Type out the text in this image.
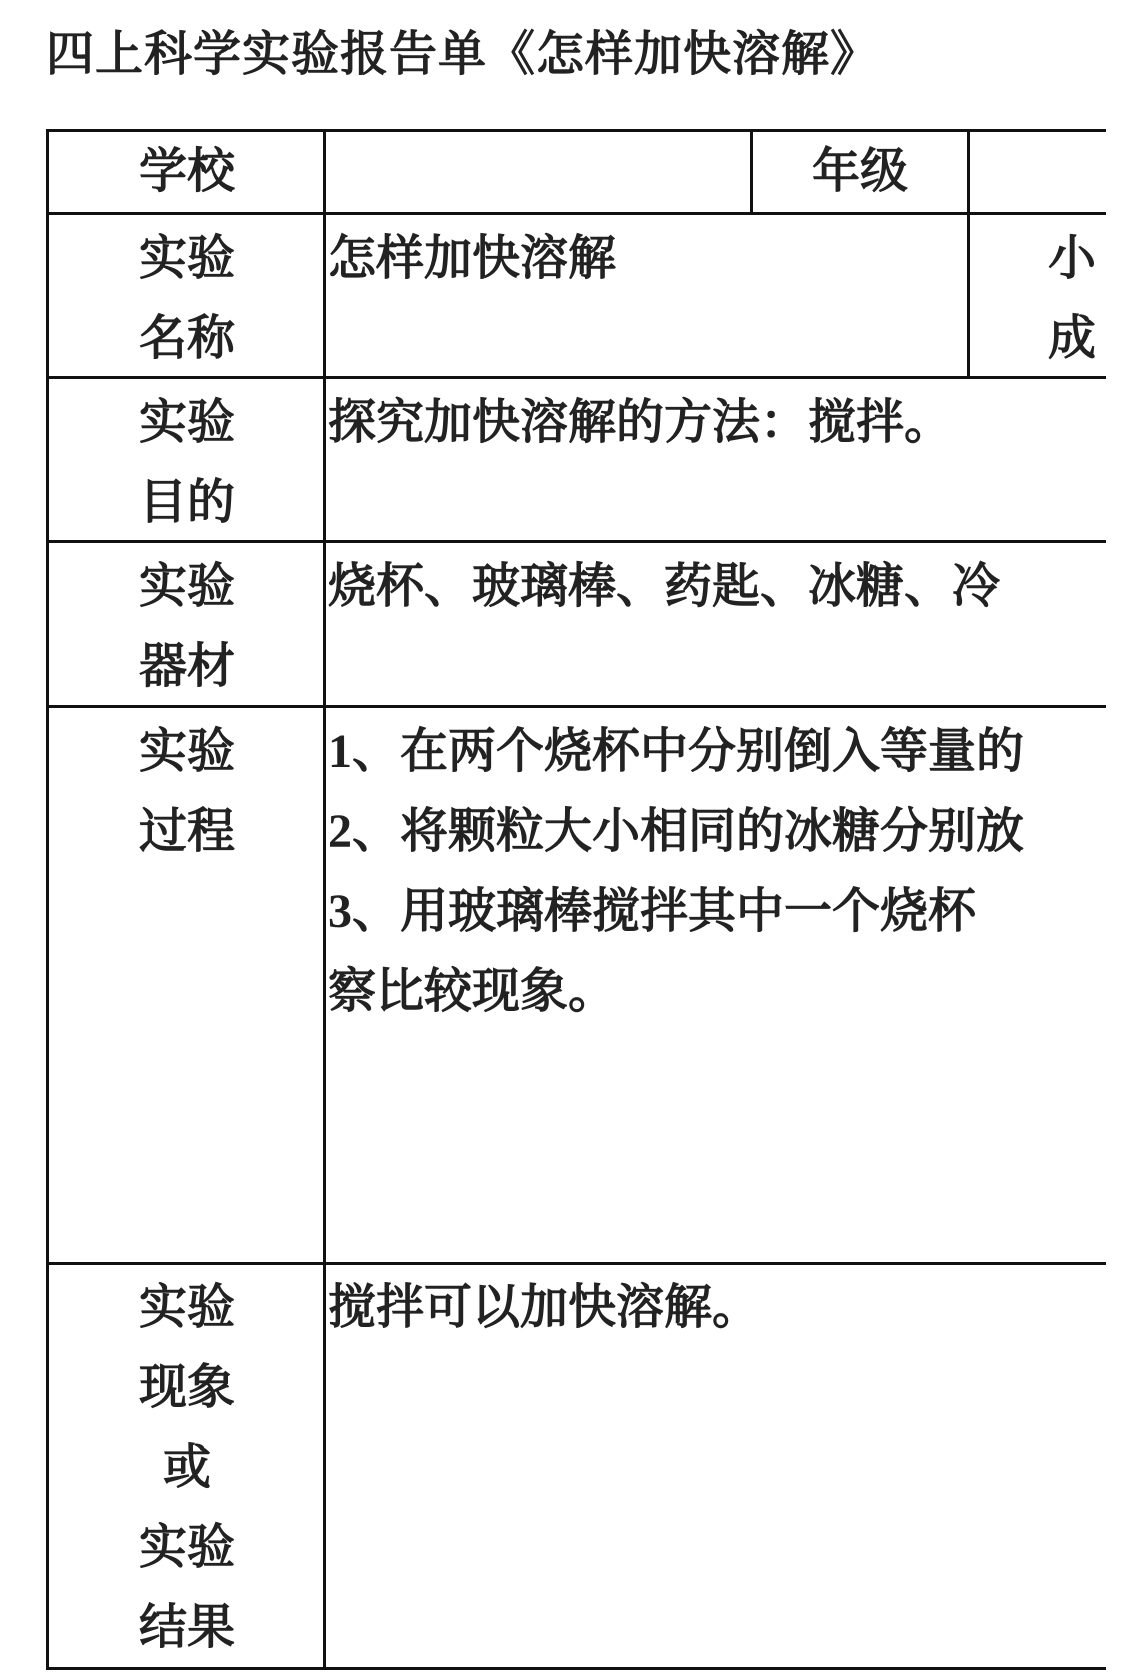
四上科学实验报告单《怎样加快溶解》
学校	年级
实验
名称
怎样加快溶解	小
成
实验
目的
探究加快溶解的方法：搅拌。
实验
器材
烧杯、玻璃棒、药匙、冰糖、冷
实验
过程
1、在两个烧杯中分别倒入等量的
2、将颗粒大小相同的冰糖分别放
3、用玻璃棒搅拌其中一个烧杯
察比较现象。
实验
现象
或
实验
结果
搅拌可以加快溶解。
